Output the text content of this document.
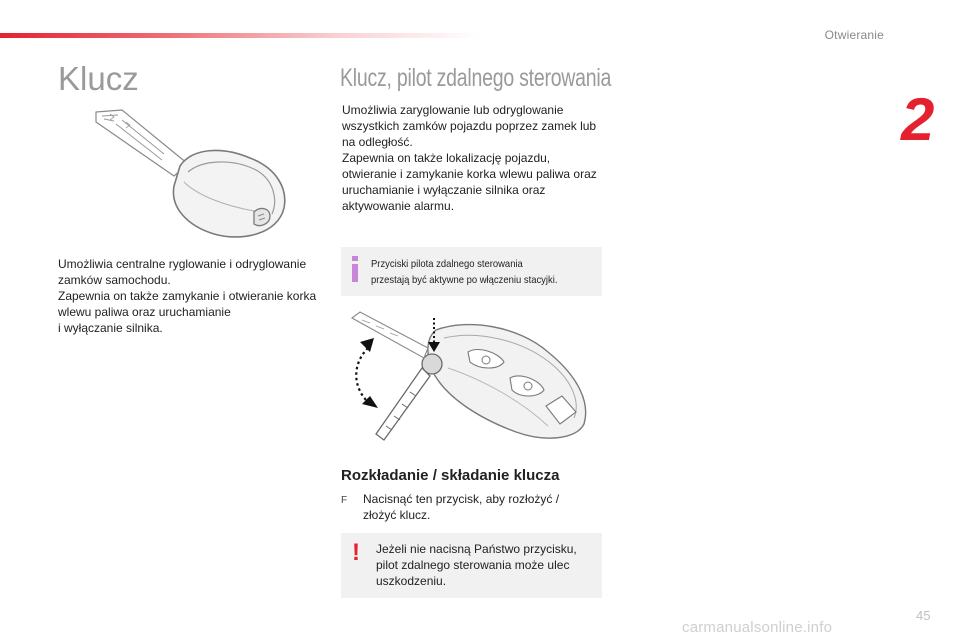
Otwieranie
2
Klucz

Umożliwia centralne ryglowanie i odryglowanie zamków samochodu.
Zapewnia on także zamykanie i otwieranie korka wlewu paliwa oraz uruchamianie
i wyłączanie silnika.

Klucz, pilot zdalnego sterowania

Umożliwia zaryglowanie lub odryglowanie wszystkich zamków pojazdu poprzez zamek lub na odległość.
Zapewnia on także lokalizację pojazdu, otwieranie i zamykanie korka wlewu paliwa oraz uruchamianie i wyłączanie silnika oraz aktywowanie alarmu.

Przyciski pilota zdalnego sterowania
przestają być aktywne po włączeniu stacyjki.
Rozkładanie / składanie klucza
F Nacisnąć ten przycisk, aby rozłożyć / złożyć klucz.
! Jeżeli nie nacisną Państwo przycisku, pilot zdalnego sterowania może ulec uszkodzeniu.

45
carmanualsonline.info
